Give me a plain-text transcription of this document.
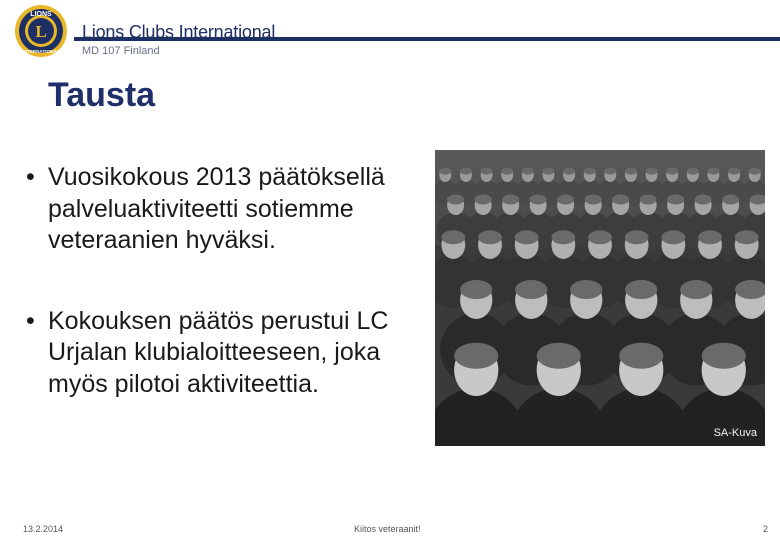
LIONS
INTERNATIONAL
L Lions Clubs International
MD 107 Finland
Tausta
• Vuosikokous 2013 päätöksellä palveluaktiviteetti sotiemme veteraanien hyväksi.
• Kokouksen päätös perustui LC Urjalan klubialoitteeseen, joka myös pilotoi aktiviteettia.
SA-Kuva
13.2.2014	Kiitos veteraanit!	2
